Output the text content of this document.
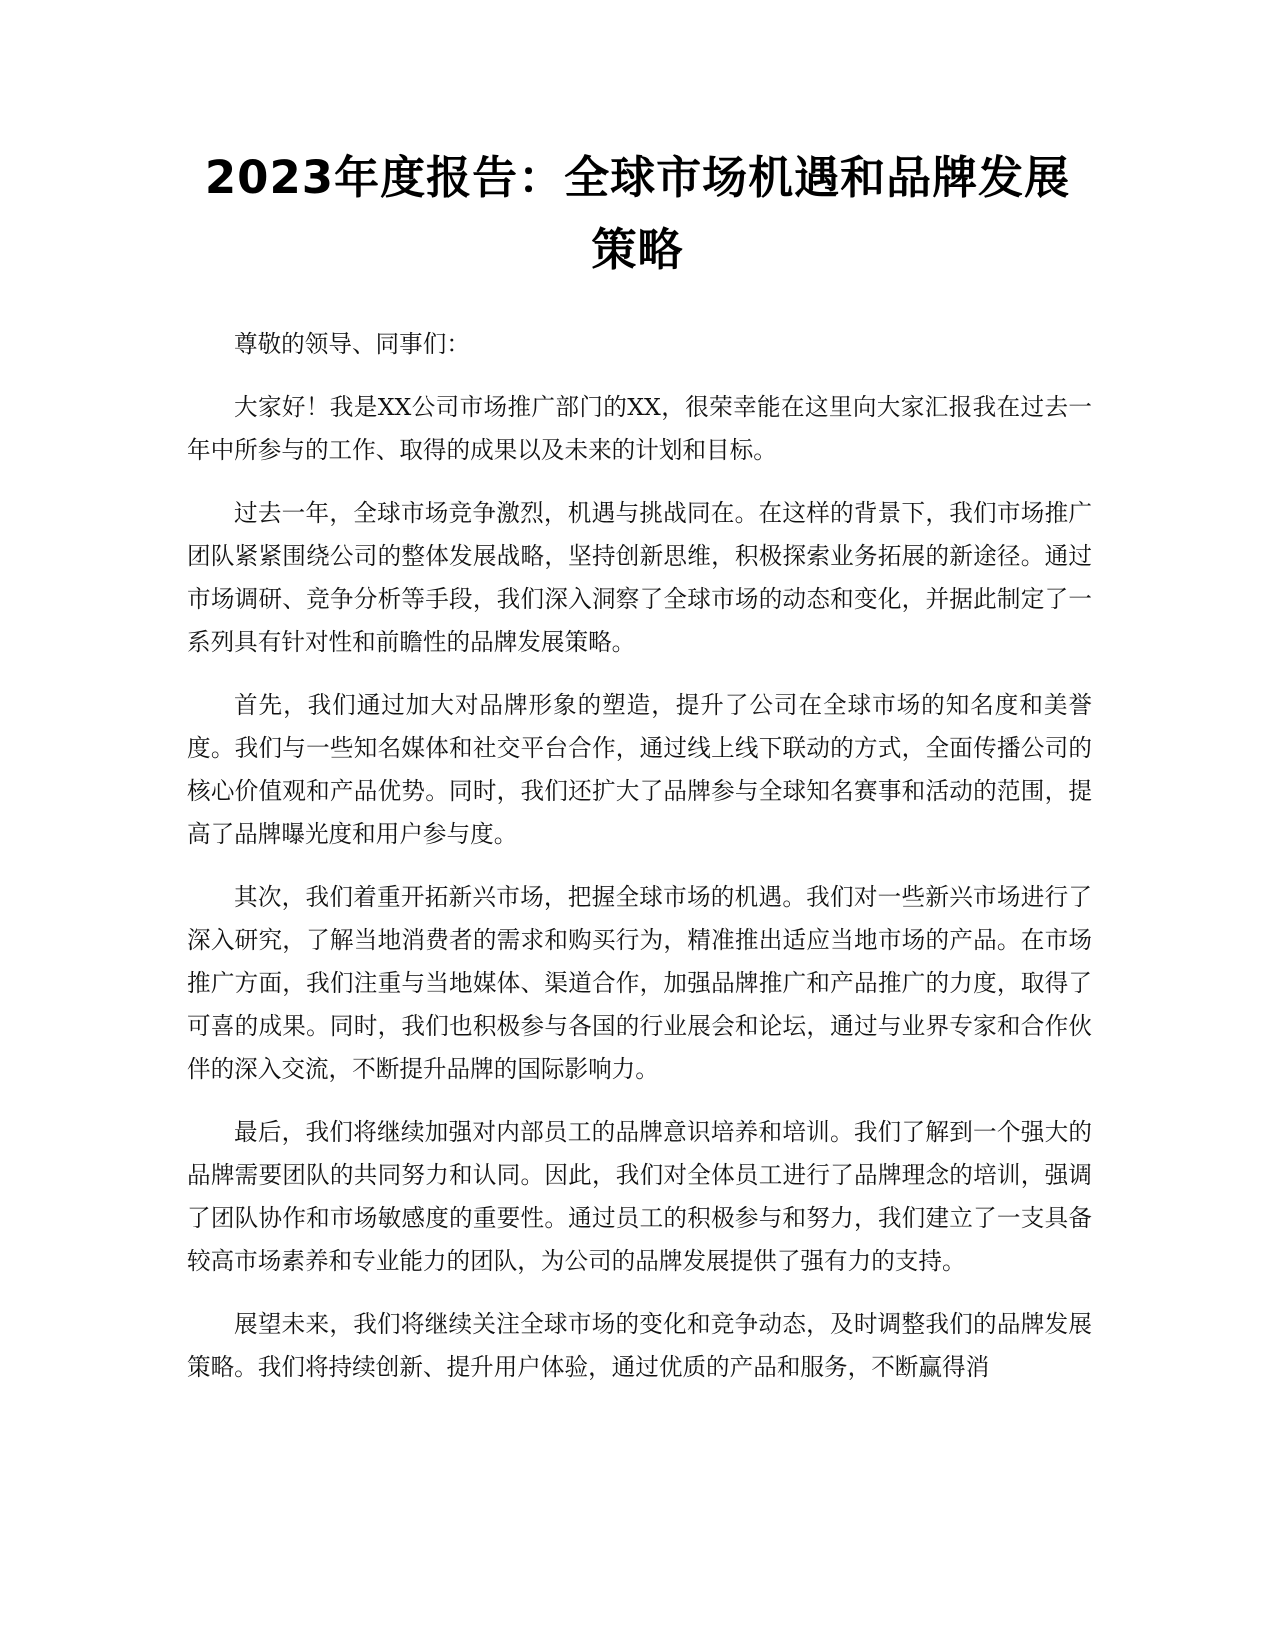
2023年度报告：全球市场机遇和品牌发展策略

尊敬的领导、同事们：

大家好！我是XX公司市场推广部门的XX，很荣幸能在这里向大家汇报我在过去一年中所参与的工作、取得的成果以及未来的计划和目标。

过去一年，全球市场竞争激烈，机遇与挑战同在。在这样的背景下，我们市场推广团队紧紧围绕公司的整体发展战略，坚持创新思维，积极探索业务拓展的新途径。通过市场调研、竞争分析等手段，我们深入洞察了全球市场的动态和变化，并据此制定了一系列具有针对性和前瞻性的品牌发展策略。

首先，我们通过加大对品牌形象的塑造，提升了公司在全球市场的知名度和美誉度。我们与一些知名媒体和社交平台合作，通过线上线下联动的方式，全面传播公司的核心价值观和产品优势。同时，我们还扩大了品牌参与全球知名赛事和活动的范围，提高了品牌曝光度和用户参与度。

其次，我们着重开拓新兴市场，把握全球市场的机遇。我们对一些新兴市场进行了深入研究，了解当地消费者的需求和购买行为，精准推出适应当地市场的产品。在市场推广方面，我们注重与当地媒体、渠道合作，加强品牌推广和产品推广的力度，取得了可喜的成果。同时，我们也积极参与各国的行业展会和论坛，通过与业界专家和合作伙伴的深入交流，不断提升品牌的国际影响力。

最后，我们将继续加强对内部员工的品牌意识培养和培训。我们了解到一个强大的品牌需要团队的共同努力和认同。因此，我们对全体员工进行了品牌理念的培训，强调了团队协作和市场敏感度的重要性。通过员工的积极参与和努力，我们建立了一支具备较高市场素养和专业能力的团队，为公司的品牌发展提供了强有力的支持。

展望未来，我们将继续关注全球市场的变化和竞争动态，及时调整我们的品牌发展策略。我们将持续创新、提升用户体验，通过优质的产品和服务，不断赢得消
